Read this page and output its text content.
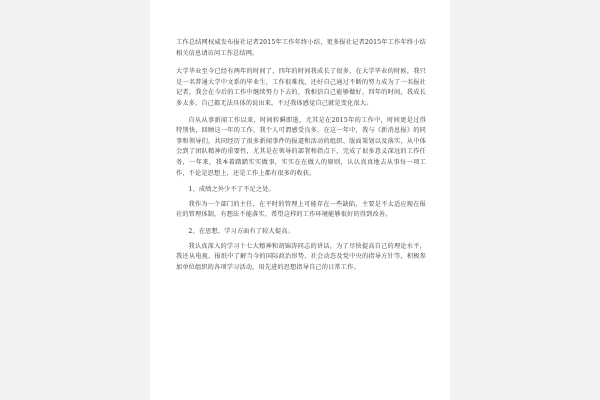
工作总结网权威发布报社记者2015年工作年终小结，更多报社记者2015年工作年终小结相关信息请访问工作总结网。

大学毕业至今已经有两年的时间了，四年的时间我成长了很多，在大学毕业的时候，我只是一名普通大学中文系的毕业生，工作很难找，还好自己通过不断的努力成为了一名报社记者，我会在今后的工作中继续努力下去的，我相信自己能够做好，四年的时间，我成长多太多，自己都无法具体的说出来，不过我体感觉自己就是变化很大。

自从从事新闻工作以来，时间转瞬即逝，尤其是在2015年的工作中，时间更是过得特别快，回顾这一年的工作，我个人可谓感受良多，在这一年中，我与《新消息报》的同事和领导们，共同经历了很多新闻事件的报道和活动的组织、版面策划以及落实，从中体会到了团队精神的重要性，尤其是在领导的部署和指点下，完成了很多意义深远的工作任务，一年来，我本着踏踏实实做事，实实在在做人的原则，认认真真地去从事每一项工作，不论是思想上，还是工作上都有很多的收获。

1、成绩之外少不了不足之处。

我作为一个部门的主任，在平时的管理上可能存在一些缺陷，主要是不太适应现在报社的管理体制，有想法不能落实，希望这样的工作环境能够很好的得到改善。

2、在思想、学习方面有了较大提高。

我认真深入的学习十七大精神和胡锦涛同志的讲话，为了尽快提高自己的理论水平，我还从电视、报纸中了解当今的国际政治形势、社会动态及党中央的指导方针等，积极参加单位组织的各项学习活动，用先进的思想指导自己的日常工作。
